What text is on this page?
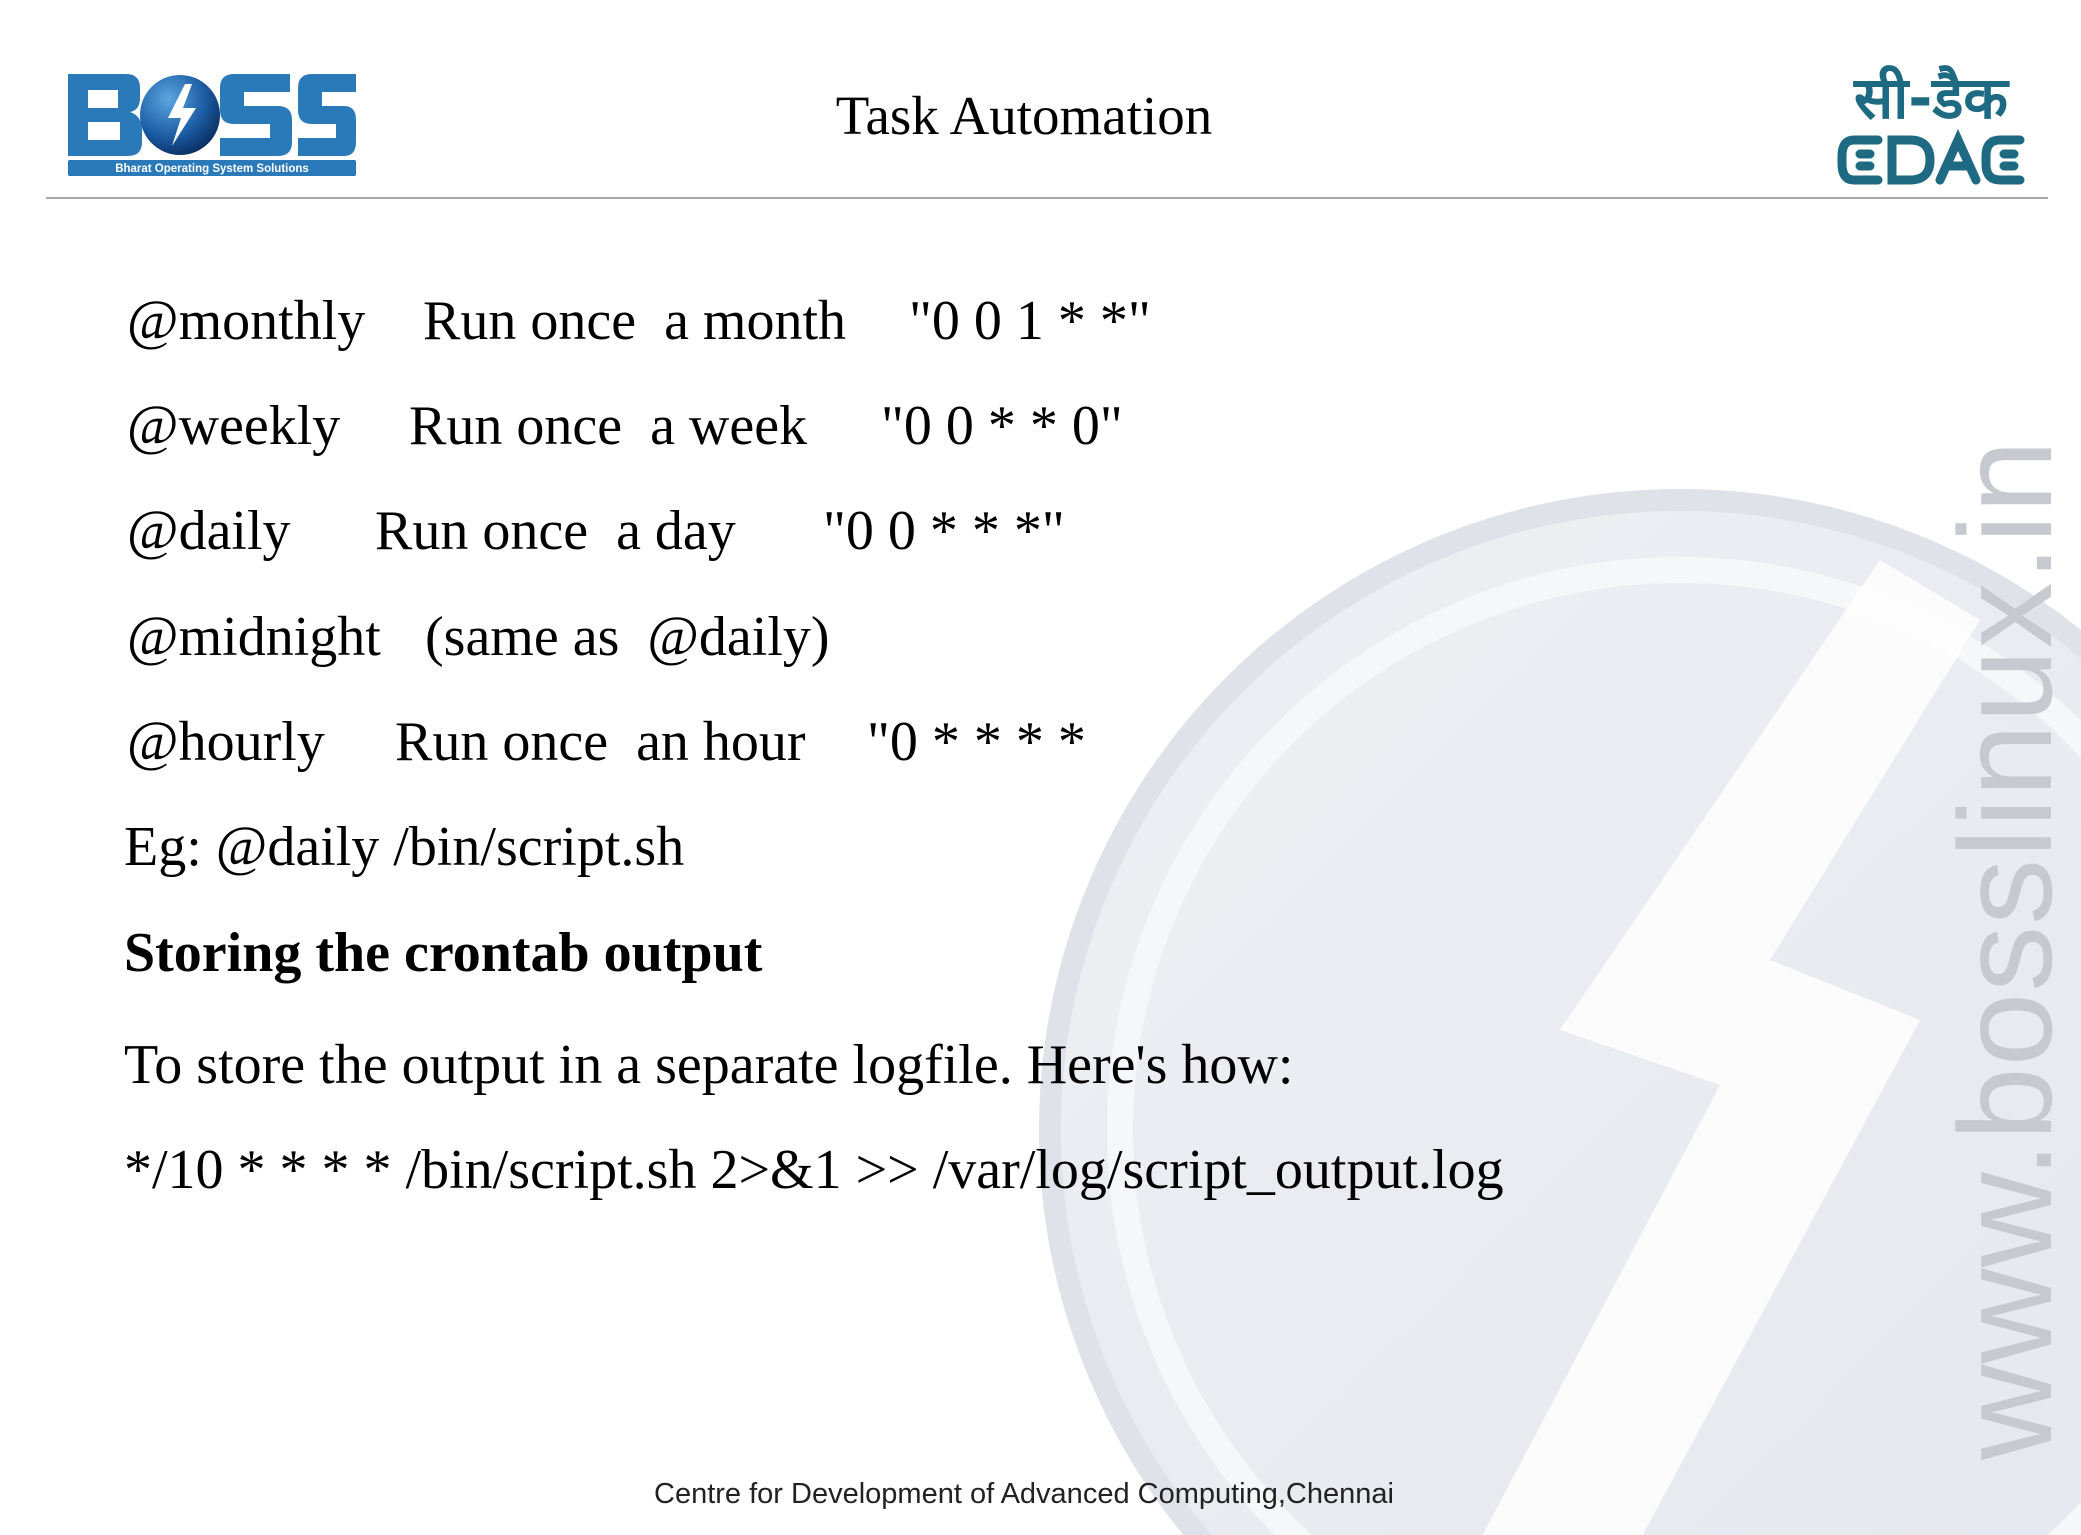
www.bosslinux.in
Bharat Operating System Solutions
सी-डैक
Task Automation
@monthly Run once  a month "0 0 1 * *"
@weekly Run once  a week "0 0 * * 0"
@daily Run once  a day "0 0 * * *"
@midnight (same as  @daily)
@hourly Run once  an hour "0 * * * *
Eg: @daily /bin/script.sh
Storing the crontab output
To store the output in a separate logfile. Here's how:
*/10 * * * * /bin/script.sh 2>&1 >> /var/log/script_output.log
Centre for Development of Advanced Computing,Chennai
